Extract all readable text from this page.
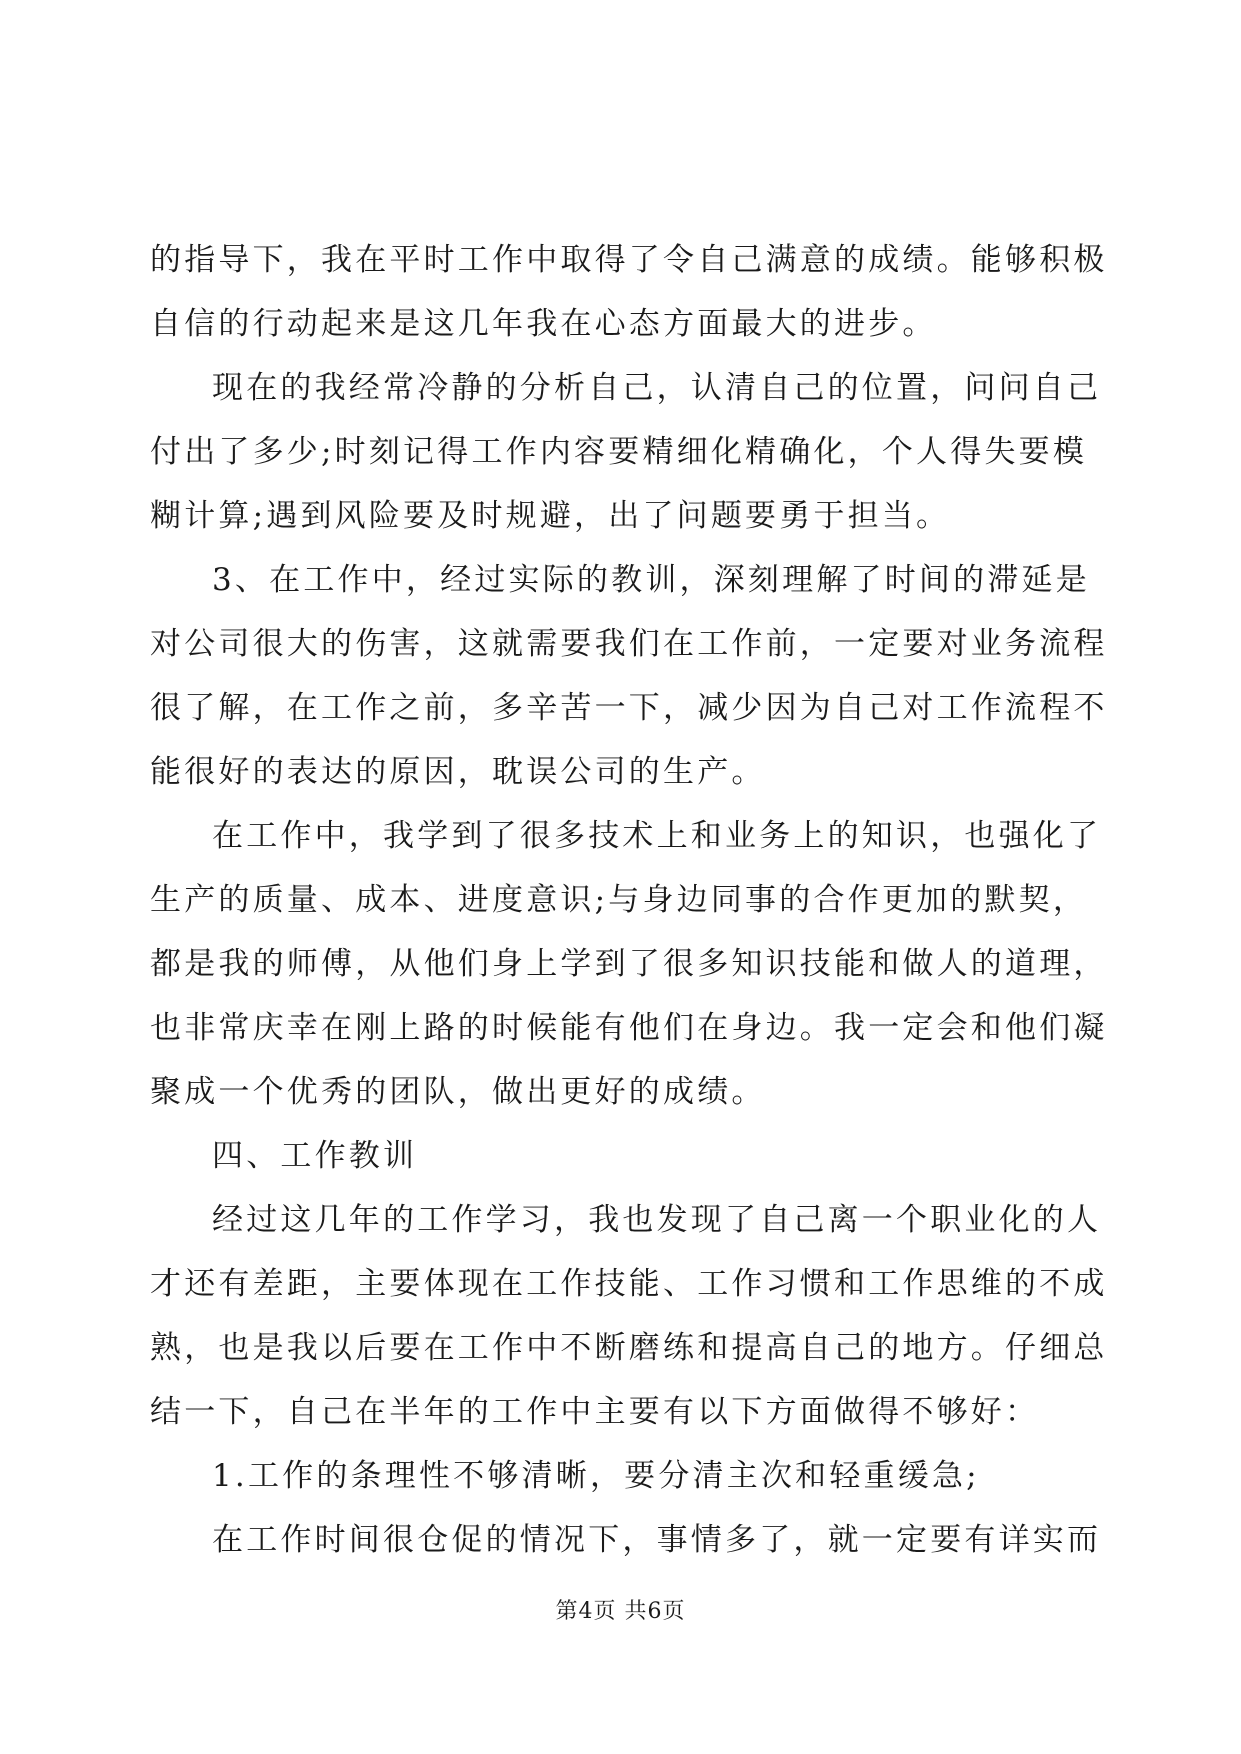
的指导下，我在平时工作中取得了令自己满意的成绩。能够积极
自信的行动起来是这几年我在心态方面最大的进步。
现在的我经常冷静的分析自己，认清自己的位置，问问自己
付出了多少;时刻记得工作内容要精细化精确化，个人得失要模
糊计算;遇到风险要及时规避，出了问题要勇于担当。
3、在工作中，经过实际的教训，深刻理解了时间的滞延是
对公司很大的伤害，这就需要我们在工作前，一定要对业务流程
很了解，在工作之前，多辛苦一下，减少因为自己对工作流程不
能很好的表达的原因，耽误公司的生产。
在工作中，我学到了很多技术上和业务上的知识，也强化了
生产的质量、成本、进度意识;与身边同事的合作更加的默契，
都是我的师傅，从他们身上学到了很多知识技能和做人的道理，
也非常庆幸在刚上路的时候能有他们在身边。我一定会和他们凝
聚成一个优秀的团队，做出更好的成绩。
四、工作教训
经过这几年的工作学习，我也发现了自己离一个职业化的人
才还有差距，主要体现在工作技能、工作习惯和工作思维的不成
熟，也是我以后要在工作中不断磨练和提高自己的地方。仔细总
结一下，自己在半年的工作中主要有以下方面做得不够好：
1.工作的条理性不够清晰，要分清主次和轻重缓急;
在工作时间很仓促的情况下，事情多了，就一定要有详实而
第4页 共6页
